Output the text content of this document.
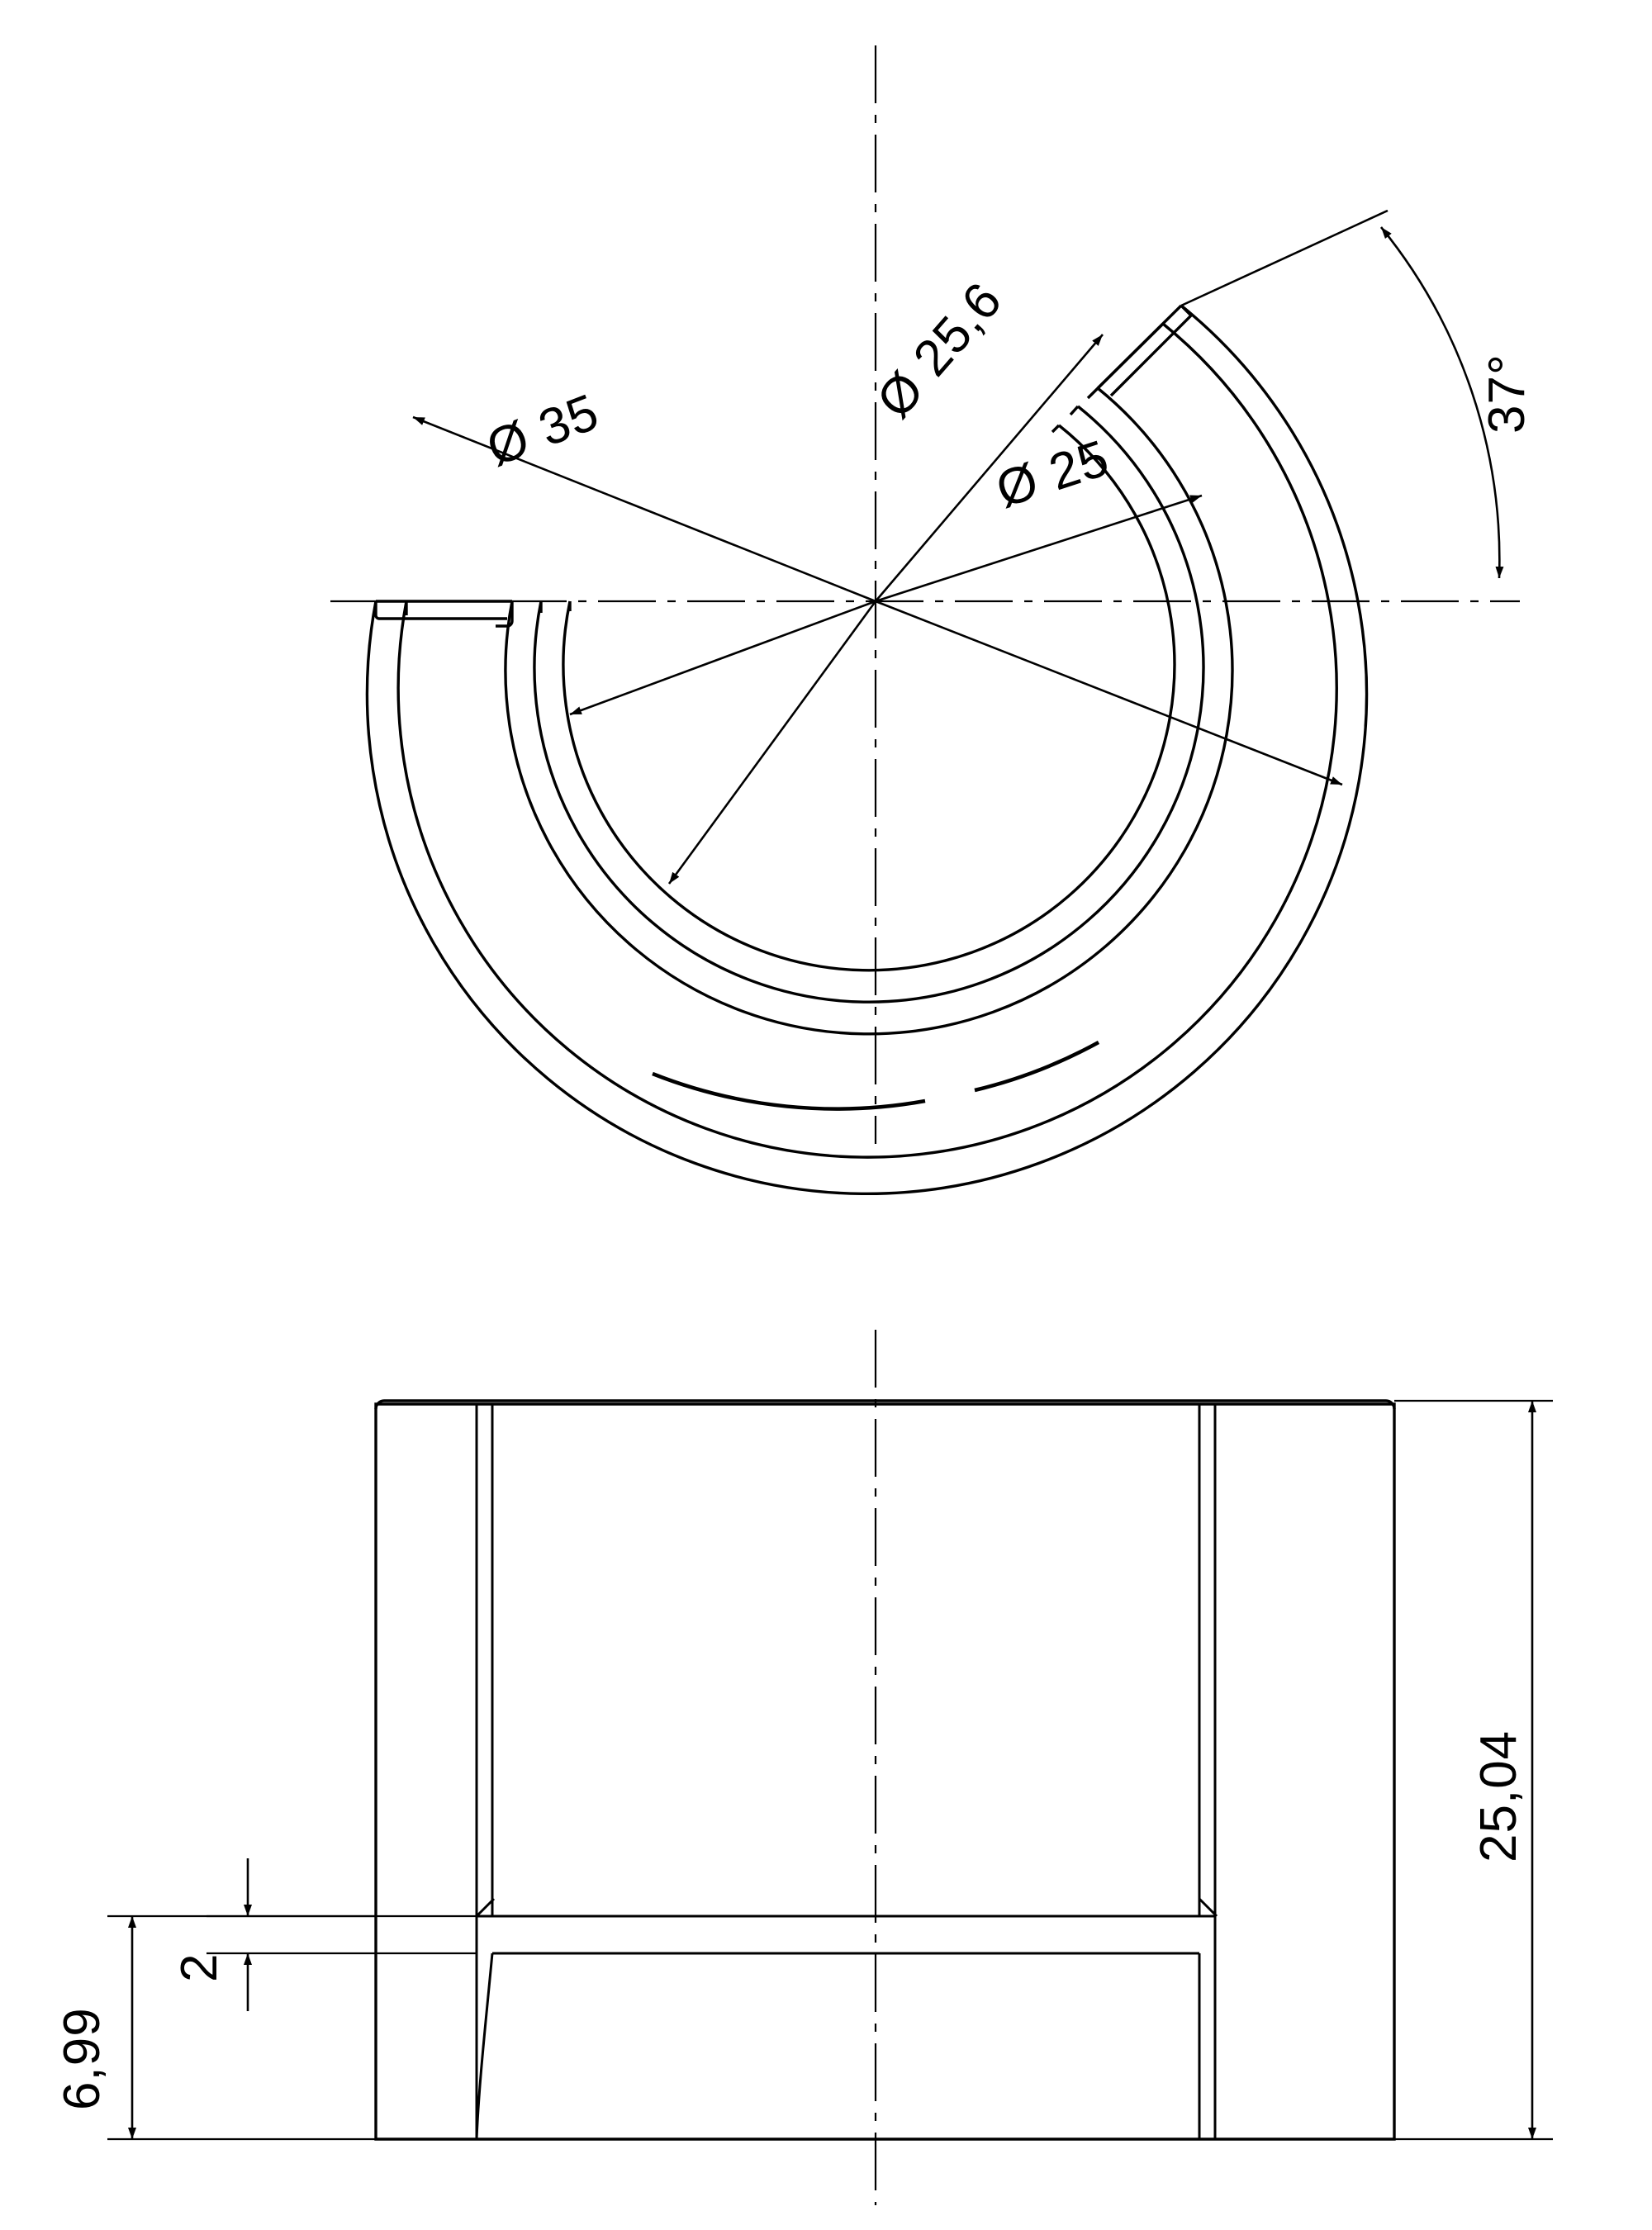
Ø 35
Ø 25,6
Ø 25
37°
25,04
6,99
2
